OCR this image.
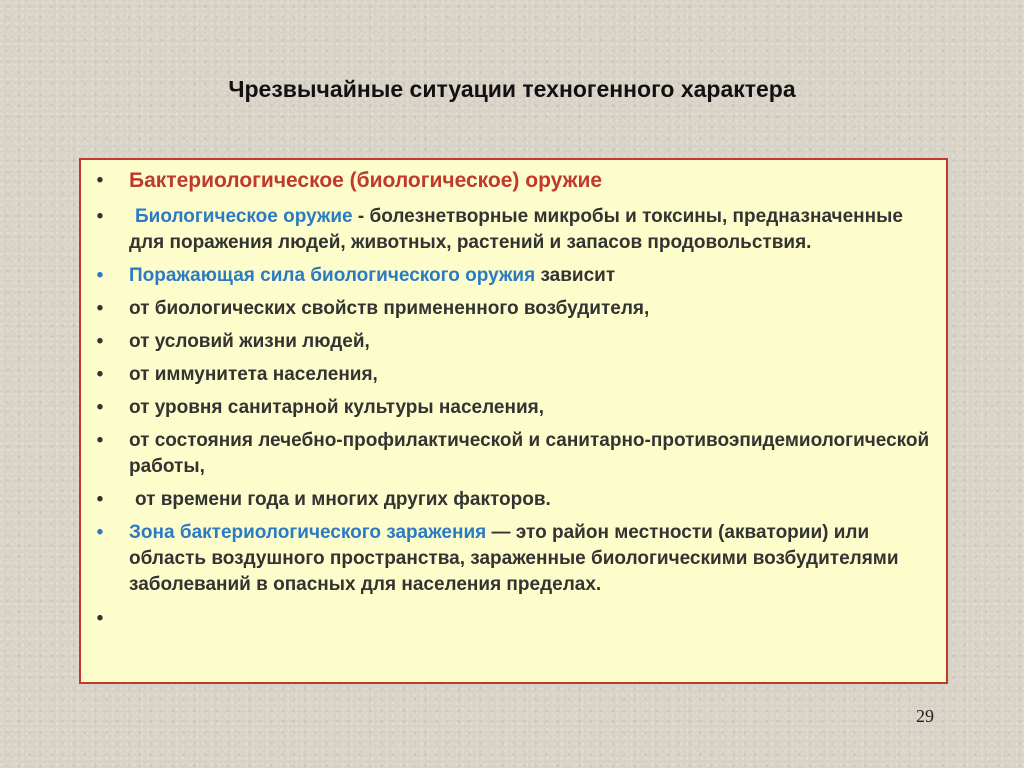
Чрезвычайные ситуации техногенного характера
• Бактериологическое (биологическое) оружие
• Биологическое оружие - болезнетворные микробы и токсины, предназначенные для поражения людей, животных, растений и запасов продовольствия.
• Поражающая сила биологического оружия зависит
• от биологических свойств примененного возбудителя,
• от условий жизни людей,
• от иммунитета населения,
• от уровня санитарной культуры населения,
• от состояния лечебно-профилактической и санитарно-противоэпидемиологической работы,
• от времени года и многих других факторов.
• Зона бактериологического заражения — это район местности (акватории) или область воздушного пространства, зараженные биологическими возбудителями заболеваний в опасных для населения пределах.
•
29
